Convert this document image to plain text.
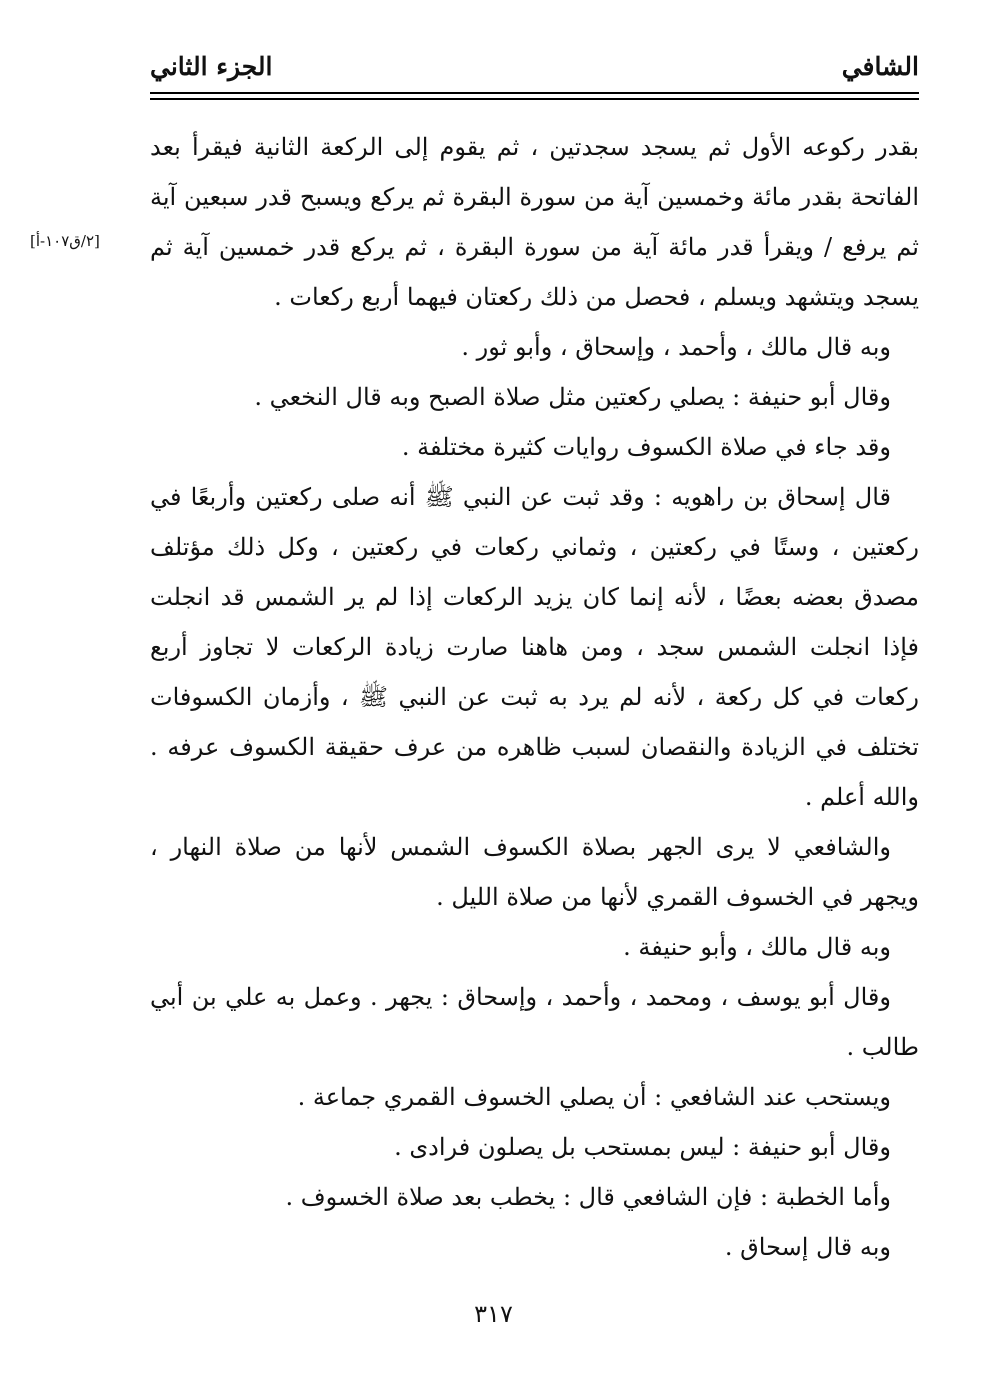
الشافي
الجزء الثاني
[٢/ق١٠٧-أ]

بقدر ركوعه الأول ثم يسجد سجدتين ، ثم يقوم إلى الركعة الثانية فيقرأ بعد الفاتحة بقدر مائة وخمسين آية من سورة البقرة ثم يركع ويسبح قدر سبعين آية ثم يرفع / ويقرأ قدر مائة آية من سورة البقرة ، ثم يركع قدر خمسين آية ثم يسجد ويتشهد ويسلم ، فحصل من ذلك ركعتان فيهما أربع ركعات .

وبه قال مالك ، وأحمد ، وإسحاق ، وأبو ثور .

وقال أبو حنيفة : يصلي ركعتين مثل صلاة الصبح وبه قال النخعي .

وقد جاء في صلاة الكسوف روايات كثيرة مختلفة .

قال إسحاق بن راهويه : وقد ثبت عن النبي ﷺ أنه صلى ركعتين وأربعًا في ركعتين ، وستًا في ركعتين ، وثماني ركعات في ركعتين ، وكل ذلك مؤتلف مصدق بعضه بعضًا ، لأنه إنما كان يزيد الركعات إذا لم ير الشمس قد انجلت فإذا انجلت الشمس سجد ، ومن هاهنا صارت زيادة الركعات لا تجاوز أربع ركعات في كل ركعة ، لأنه لم يرد به ثبت عن النبي ﷺ ، وأزمان الكسوفات تختلف في الزيادة والنقصان لسبب ظاهره من عرف حقيقة الكسوف عرفه . والله أعلم .

والشافعي لا يرى الجهر بصلاة الكسوف الشمس لأنها من صلاة النهار ، ويجهر في الخسوف القمري لأنها من صلاة الليل .

وبه قال مالك ، وأبو حنيفة .

وقال أبو يوسف ، ومحمد ، وأحمد ، وإسحاق : يجهر . وعمل به علي بن أبي طالب .

ويستحب عند الشافعي : أن يصلي الخسوف القمري جماعة .

وقال أبو حنيفة : ليس بمستحب بل يصلون فرادى .

وأما الخطبة : فإن الشافعي قال : يخطب بعد صلاة الخسوف .

وبه قال إسحاق .

٣١٧
